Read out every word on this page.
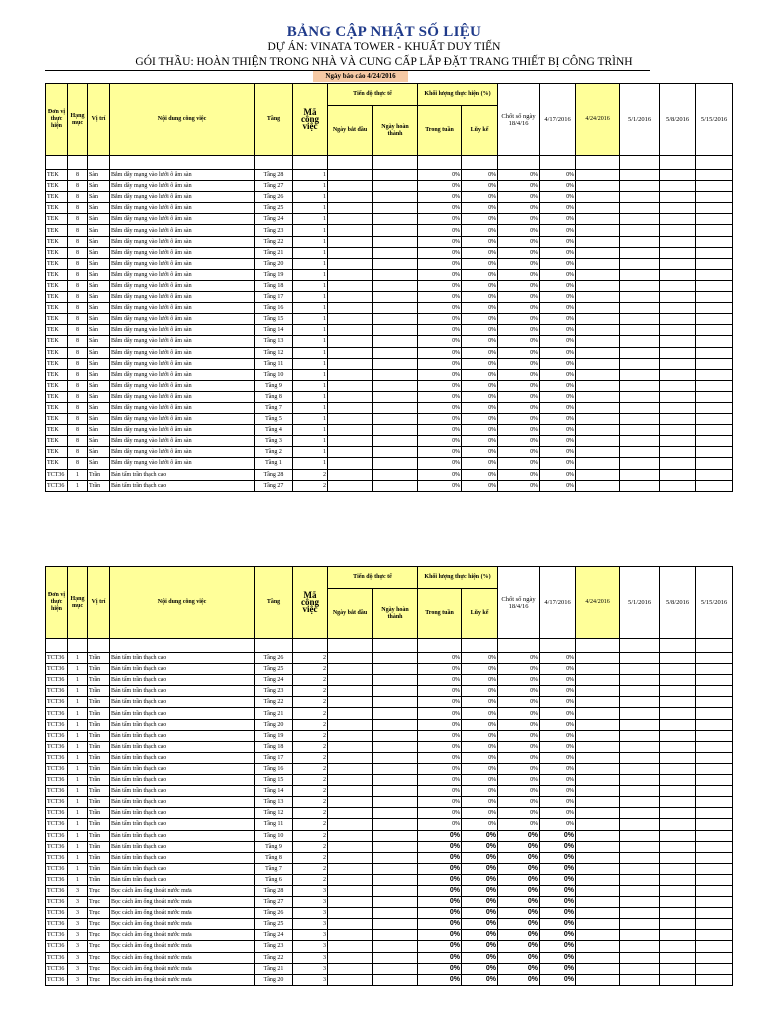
BẢNG CẬP NHẬT SỐ LIỆU
DỰ ÁN: VINATA TOWER - KHUẤT DUY TIẾN
GÓI THẦU: HOÀN THIỆN TRONG NHÀ VÀ CUNG CẤP LẮP ĐẶT TRANG THIẾT BỊ CÔNG TRÌNH
Ngày báo cáo 4/24/2016
Đơn vị thực hiện	Hạng mục	Vị trí	Nội dung công việc	Tầng	Mã công việc	Tiến độ thực tế		Khối lượng thực hiện (%)		Chốt số ngày 18/4/16	4/17/2016	4/24/2016	5/1/2016	5/8/2016	5/15/2016
						Ngày bắt đầu	Ngày hoàn thành	Trong tuần	Lũy kế						

TEK	8	Sàn	Bắm dây mạng vào lưới ô âm sàn	Tầng 28	1			0%	0%	0%	0%				
TEK	8	Sàn	Bắm dây mạng vào lưới ô âm sàn	Tầng 27	1			0%	0%	0%	0%				
TEK	8	Sàn	Bắm dây mạng vào lưới ô âm sàn	Tầng 26	1			0%	0%	0%	0%				
TEK	8	Sàn	Bắm dây mạng vào lưới ô âm sàn	Tầng 25	1			0%	0%	0%	0%				
TEK	8	Sàn	Bắm dây mạng vào lưới ô âm sàn	Tầng 24	1			0%	0%	0%	0%				
TEK	8	Sàn	Bắm dây mạng vào lưới ô âm sàn	Tầng 23	1			0%	0%	0%	0%				
TEK	8	Sàn	Bắm dây mạng vào lưới ô âm sàn	Tầng 22	1			0%	0%	0%	0%				
TEK	8	Sàn	Bắm dây mạng vào lưới ô âm sàn	Tầng 21	1			0%	0%	0%	0%				
TEK	8	Sàn	Bắm dây mạng vào lưới ô âm sàn	Tầng 20	1			0%	0%	0%	0%				
TEK	8	Sàn	Bắm dây mạng vào lưới ô âm sàn	Tầng 19	1			0%	0%	0%	0%				
TEK	8	Sàn	Bắm dây mạng vào lưới ô âm sàn	Tầng 18	1			0%	0%	0%	0%				
TEK	8	Sàn	Bắm dây mạng vào lưới ô âm sàn	Tầng 17	1			0%	0%	0%	0%				
TEK	8	Sàn	Bắm dây mạng vào lưới ô âm sàn	Tầng 16	1			0%	0%	0%	0%				
TEK	8	Sàn	Bắm dây mạng vào lưới ô âm sàn	Tầng 15	1			0%	0%	0%	0%				
TEK	8	Sàn	Bắm dây mạng vào lưới ô âm sàn	Tầng 14	1			0%	0%	0%	0%				
TEK	8	Sàn	Bắm dây mạng vào lưới ô âm sàn	Tầng 13	1			0%	0%	0%	0%				
TEK	8	Sàn	Bắm dây mạng vào lưới ô âm sàn	Tầng 12	1			0%	0%	0%	0%				
TEK	8	Sàn	Bắm dây mạng vào lưới ô âm sàn	Tầng 11	1			0%	0%	0%	0%				
TEK	8	Sàn	Bắm dây mạng vào lưới ô âm sàn	Tầng 10	1			0%	0%	0%	0%				
TEK	8	Sàn	Bắm dây mạng vào lưới ô âm sàn	Tầng 9	1			0%	0%	0%	0%				
TEK	8	Sàn	Bắm dây mạng vào lưới ô âm sàn	Tầng 8	1			0%	0%	0%	0%				
TEK	8	Sàn	Bắm dây mạng vào lưới ô âm sàn	Tầng 7	1			0%	0%	0%	0%				
TEK	8	Sàn	Bắm dây mạng vào lưới ô âm sàn	Tầng 5	1			0%	0%	0%	0%				
TEK	8	Sàn	Bắm dây mạng vào lưới ô âm sàn	Tầng 4	1			0%	0%	0%	0%				
TEK	8	Sàn	Bắm dây mạng vào lưới ô âm sàn	Tầng 3	1			0%	0%	0%	0%				
TEK	8	Sàn	Bắm dây mạng vào lưới ô âm sàn	Tầng 2	1			0%	0%	0%	0%				
TEK	8	Sàn	Bắm dây mạng vào lưới ô âm sàn	Tầng 1	1			0%	0%	0%	0%				
TCT36	1	Trần	Bản tấm trần thạch cao	Tầng 28	2			0%	0%	0%	0%				
TCT36	1	Trần	Bản tấm trần thạch cao	Tầng 27	2			0%	0%	0%	0%				
Đơn vị thực hiện	Hạng mục	Vị trí	Nội dung công việc	Tầng	Mã công việc	Tiến độ thực tế		Khối lượng thực hiện (%)		Chốt số ngày 18/4/16	4/17/2016	4/24/2016	5/1/2016	5/8/2016	5/15/2016
						Ngày bắt đầu	Ngày hoàn thành	Trong tuần	Lũy kế						

TCT36	1	Trần	Bản tấm trần thạch cao	Tầng 26	2			0%	0%	0%	0%				
TCT36	1	Trần	Bản tấm trần thạch cao	Tầng 25	2			0%	0%	0%	0%				
TCT36	1	Trần	Bản tấm trần thạch cao	Tầng 24	2			0%	0%	0%	0%				
TCT36	1	Trần	Bản tấm trần thạch cao	Tầng 23	2			0%	0%	0%	0%				
TCT36	1	Trần	Bản tấm trần thạch cao	Tầng 22	2			0%	0%	0%	0%				
TCT36	1	Trần	Bản tấm trần thạch cao	Tầng 21	2			0%	0%	0%	0%				
TCT36	1	Trần	Bản tấm trần thạch cao	Tầng 20	2			0%	0%	0%	0%				
TCT36	1	Trần	Bản tấm trần thạch cao	Tầng 19	2			0%	0%	0%	0%				
TCT36	1	Trần	Bản tấm trần thạch cao	Tầng 18	2			0%	0%	0%	0%				
TCT36	1	Trần	Bản tấm trần thạch cao	Tầng 17	2			0%	0%	0%	0%				
TCT36	1	Trần	Bản tấm trần thạch cao	Tầng 16	2			0%	0%	0%	0%				
TCT36	1	Trần	Bản tấm trần thạch cao	Tầng 15	2			0%	0%	0%	0%				
TCT36	1	Trần	Bản tấm trần thạch cao	Tầng 14	2			0%	0%	0%	0%				
TCT36	1	Trần	Bản tấm trần thạch cao	Tầng 13	2			0%	0%	0%	0%				
TCT36	1	Trần	Bản tấm trần thạch cao	Tầng 12	2			0%	0%	0%	0%				
TCT36	1	Trần	Bản tấm trần thạch cao	Tầng 11	2			0%	0%	0%	0%				
TCT36	1	Trần	Bản tấm trần thạch cao	Tầng 10	2			0%	0%	0%	0%				
TCT36	1	Trần	Bản tấm trần thạch cao	Tầng 9	2			0%	0%	0%	0%				
TCT36	1	Trần	Bản tấm trần thạch cao	Tầng 8	2			0%	0%	0%	0%				
TCT36	1	Trần	Bản tấm trần thạch cao	Tầng 7	2			0%	0%	0%	0%				
TCT36	1	Trần	Bản tấm trần thạch cao	Tầng 6	2			0%	0%	0%	0%				
TCT36	3	Trục	Bọc cách âm ống thoát nước mưa	Tầng 28	3			0%	0%	0%	0%				
TCT36	3	Trục	Bọc cách âm ống thoát nước mưa	Tầng 27	3			0%	0%	0%	0%				
TCT36	3	Trục	Bọc cách âm ống thoát nước mưa	Tầng 26	3			0%	0%	0%	0%				
TCT36	3	Trục	Bọc cách âm ống thoát nước mưa	Tầng 25	3			0%	0%	0%	0%				
TCT36	3	Trục	Bọc cách âm ống thoát nước mưa	Tầng 24	3			0%	0%	0%	0%				
TCT36	3	Trục	Bọc cách âm ống thoát nước mưa	Tầng 23	3			0%	0%	0%	0%				
TCT36	3	Trục	Bọc cách âm ống thoát nước mưa	Tầng 22	3			0%	0%	0%	0%				
TCT36	3	Trục	Bọc cách âm ống thoát nước mưa	Tầng 21	3			0%	0%	0%	0%				
TCT36	3	Trục	Bọc cách âm ống thoát nước mưa	Tầng 20	3			0%	0%	0%	0%				
